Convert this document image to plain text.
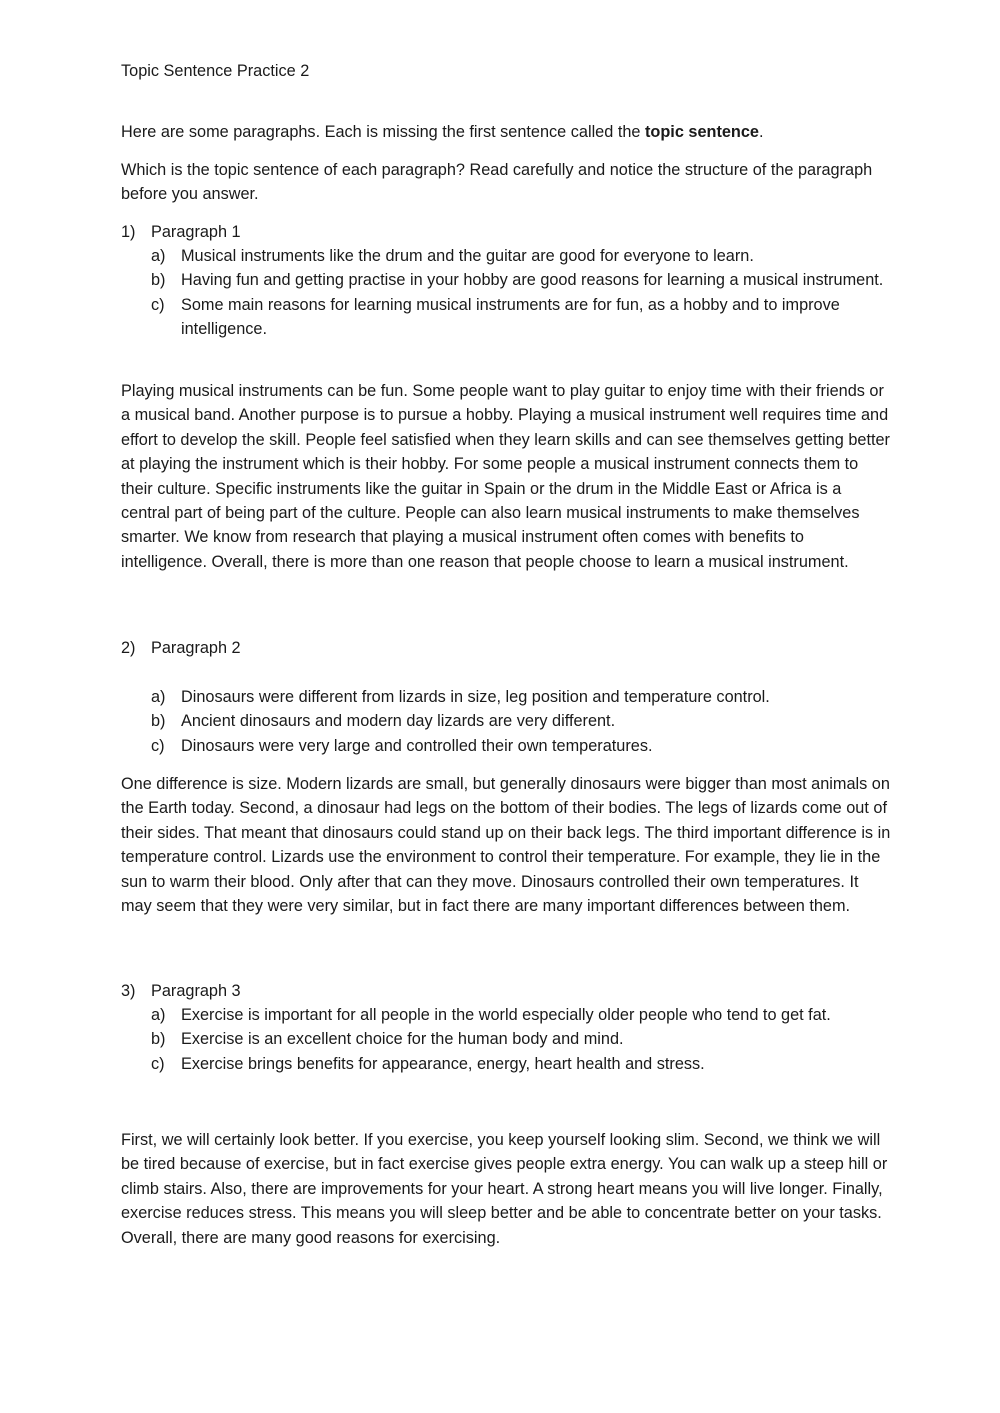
Topic Sentence Practice 2

Here are some paragraphs. Each is missing the first sentence called the topic sentence.

Which is the topic sentence of each paragraph? Read carefully and notice the structure of the paragraph before you answer.

1) Paragraph 1

a) Musical instruments like the drum and the guitar are good for everyone to learn.
b) Having fun and getting practise in your hobby are good reasons for learning a musical instrument.
c) Some main reasons for learning musical instruments are for fun, as a hobby and to improve intelligence.

Playing musical instruments can be fun. Some people want to play guitar to enjoy time with their friends or a musical band. Another purpose is to pursue a hobby. Playing a musical instrument well requires time and effort to develop the skill. People feel satisfied when they learn skills and can see themselves getting better at playing the instrument which is their hobby. For some people a musical instrument connects them to their culture. Specific instruments like the guitar in Spain or the drum in the Middle East or Africa is a central part of being part of the culture. People can also learn musical instruments to make themselves smarter. We know from research that playing a musical instrument often comes with benefits to intelligence. Overall, there is more than one reason that people choose to learn a musical instrument.

2) Paragraph 2

a) Dinosaurs were different from lizards in size, leg position and temperature control.
b) Ancient dinosaurs and modern day lizards are very different.
c) Dinosaurs were very large and controlled their own temperatures.

One difference is size. Modern lizards are small, but generally dinosaurs were bigger than most animals on the Earth today. Second, a dinosaur had legs on the bottom of their bodies. The legs of lizards come out of their sides. That meant that dinosaurs could stand up on their back legs. The third important difference is in temperature control. Lizards use the environment to control their temperature. For example, they lie in the sun to warm their blood. Only after that can they move. Dinosaurs controlled their own temperatures. It may seem that they were very similar, but in fact there are many important differences between them.

3) Paragraph 3

a) Exercise is important for all people in the world especially older people who tend to get fat.
b) Exercise is an excellent choice for the human body and mind.
c) Exercise brings benefits for appearance, energy, heart health and stress.

First, we will certainly look better. If you exercise, you keep yourself looking slim. Second, we think we will be tired because of exercise, but in fact exercise gives people extra energy. You can walk up a steep hill or climb stairs. Also, there are improvements for your heart. A strong heart means you will live longer. Finally, exercise reduces stress. This means you will sleep better and be able to concentrate better on your tasks. Overall, there are many good reasons for exercising.
